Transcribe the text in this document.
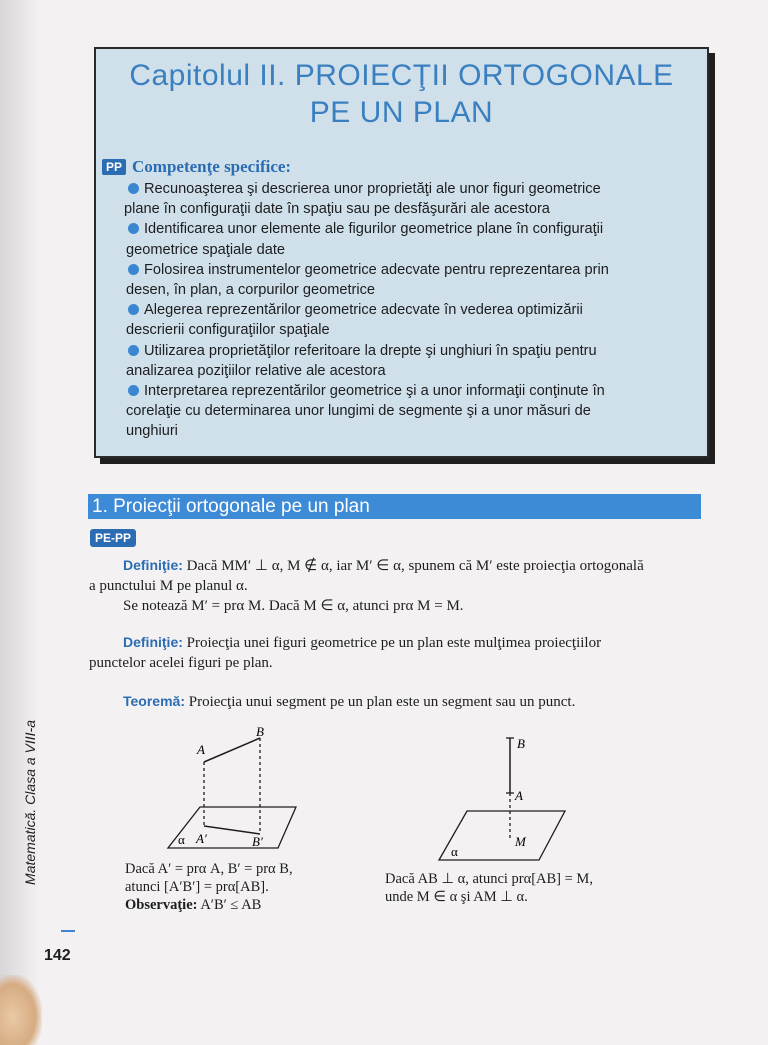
Capitolul II. PROIECŢII ORTOGONALE
PE UN PLAN
PP Competenţe specifice:
Recunoaşterea şi descrierea unor proprietăţi ale unor figuri geometrice
plane în configuraţii date în spaţiu sau pe desfăşurări ale acestora
Identificarea unor elemente ale figurilor geometrice plane în configuraţii
geometrice spaţiale date
Folosirea instrumentelor geometrice adecvate pentru reprezentarea prin
desen, în plan, a corpurilor geometrice
Alegerea reprezentărilor geometrice adecvate în vederea optimizării
descrierii configuraţiilor spaţiale
Utilizarea proprietăţilor referitoare la drepte şi unghiuri în spaţiu pentru
analizarea poziţiilor relative ale acestora
Interpretarea reprezentărilor geometrice şi a unor informaţii conţinute în
corelaţie cu determinarea unor lungimi de segmente şi a unor măsuri de
unghiuri
1. Proiecţii ortogonale pe un plan
PE-PP
Definiţie: Dacă MM′ ⊥ α, M ∉ α, iar M′ ∈ α, spunem că M′ este proiecţia ortogonală
a punctului M pe planul α.
Se notează M′ = prα M. Dacă M ∈ α, atunci prα M = M.
Definiţie: Proiecţia unei figuri geometrice pe un plan este mulţimea proiecţiilor
punctelor acelei figuri pe plan.
Teoremă: Proiecţia unui segment pe un plan este un segment sau un punct.
A
B
α A′	B′
Dacă A′ = prα A, B′ = prα B,
atunci [A′B′] = prα[AB].
Observaţie: A′B′ ≤ AB
B
A
M
α
Dacă AB ⊥ α, atunci prα[AB] = M,
unde M ∈ α şi AM ⊥ α.
Matematică. Clasa a VIII-a
142
